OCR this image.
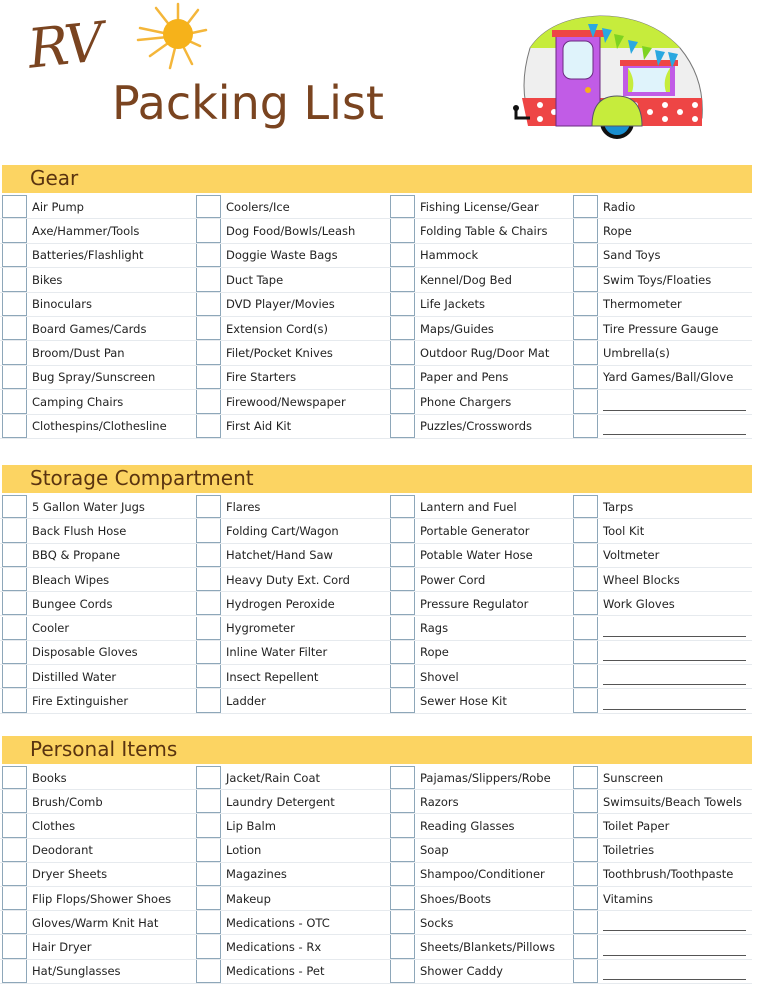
RV
Packing List
Gear
Air Pump	Coolers/Ice	Fishing License/Gear	Radio
Axe/Hammer/Tools	Dog Food/Bowls/Leash	Folding Table & Chairs	Rope
Batteries/Flashlight	Doggie Waste Bags	Hammock	Sand Toys
Bikes	Duct Tape	Kennel/Dog Bed	Swim Toys/Floaties
Binoculars	DVD Player/Movies	Life Jackets	Thermometer
Board Games/Cards	Extension Cord(s)	Maps/Guides	Tire Pressure Gauge
Broom/Dust Pan	Filet/Pocket Knives	Outdoor Rug/Door Mat	Umbrella(s)
Bug Spray/Sunscreen	Fire Starters	Paper and Pens	Yard Games/Ball/Glove
Camping Chairs	Firewood/Newspaper	Phone Chargers
Clothespins/Clothesline	First Aid Kit	Puzzles/Crosswords
Storage Compartment
5 Gallon Water Jugs	Flares	Lantern and Fuel	Tarps
Back Flush Hose	Folding Cart/Wagon	Portable Generator	Tool Kit
BBQ & Propane	Hatchet/Hand Saw	Potable Water Hose	Voltmeter
Bleach Wipes	Heavy Duty Ext. Cord	Power Cord	Wheel Blocks
Bungee Cords	Hydrogen Peroxide	Pressure Regulator	Work Gloves
Cooler	Hygrometer	Rags
Disposable Gloves	Inline Water Filter	Rope
Distilled Water	Insect Repellent	Shovel
Fire Extinguisher	Ladder	Sewer Hose Kit
Personal Items
Books	Jacket/Rain Coat	Pajamas/Slippers/Robe	Sunscreen
Brush/Comb	Laundry Detergent	Razors	Swimsuits/Beach Towels
Clothes	Lip Balm	Reading Glasses	Toilet Paper
Deodorant	Lotion	Soap	Toiletries
Dryer Sheets	Magazines	Shampoo/Conditioner	Toothbrush/Toothpaste
Flip Flops/Shower Shoes	Makeup	Shoes/Boots	Vitamins
Gloves/Warm Knit Hat	Medications - OTC	Socks
Hair Dryer	Medications - Rx	Sheets/Blankets/Pillows
Hat/Sunglasses	Medications - Pet	Shower Caddy
